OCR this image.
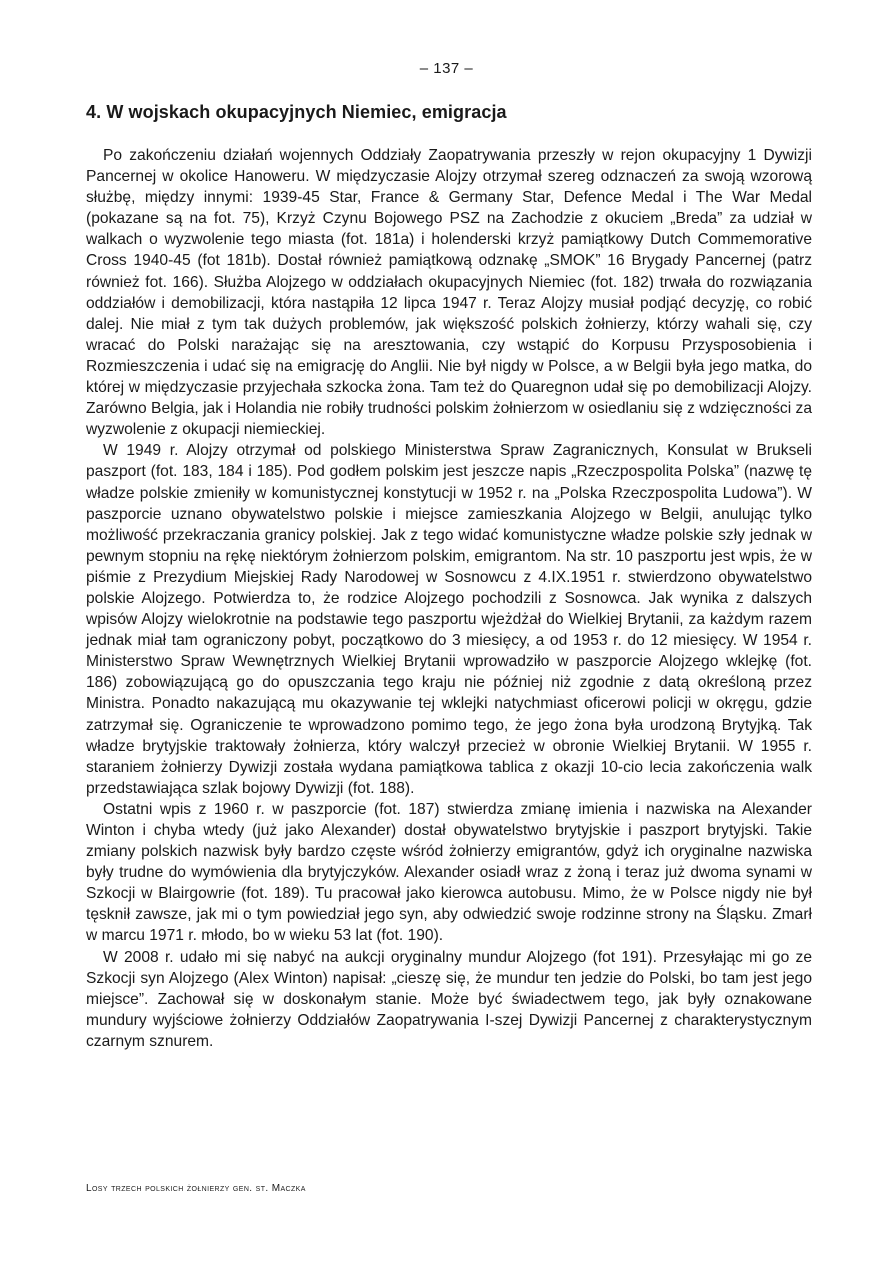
– 137 –
4. W wojskach okupacyjnych Niemiec, emigracja

Po zakończeniu działań wojennych Oddziały Zaopatrywania przeszły w rejon okupacyjny 1 Dywizji Pancernej w okolice Hanoweru. W międzyczasie Alojzy otrzymał szereg odznaczeń za swoją wzorową służbę, między innymi: 1939-45 Star, France & Germany Star, Defence Medal i The War Medal (pokazane są na fot. 75), Krzyż Czynu Bojowego PSZ na Zachodzie z okuciem „Breda” za udział w walkach o wyzwolenie tego miasta (fot. 181a) i holenderski krzyż pamiątkowy Dutch Commemorative Cross 1940-45 (fot 181b). Dostał również pamiątkową odznakę „SMOK” 16 Brygady Pancernej (patrz również fot. 166). Służba Alojzego w oddziałach okupacyjnych Niemiec (fot. 182) trwała do rozwiązania oddziałów i demobilizacji, która nastąpiła 12 lipca 1947 r. Teraz Alojzy musiał podjąć decyzję, co robić dalej. Nie miał z tym tak dużych problemów, jak większość polskich żołnierzy, którzy wahali się, czy wracać do Polski narażając się na aresztowania, czy wstąpić do Korpusu Przysposobienia i Rozmieszczenia i udać się na emigrację do Anglii. Nie był nigdy w Polsce, a w Belgii była jego matka, do której w międzyczasie przyjechała szkocka żona. Tam też do Quaregnon udał się po demobilizacji Alojzy. Zarówno Belgia, jak i Holandia nie robiły trudności polskim żołnierzom w osiedlaniu się z wdzięczności za wyzwolenie z okupacji niemieckiej.

W 1949 r. Alojzy otrzymał od polskiego Ministerstwa Spraw Zagranicznych, Konsulat w Brukseli paszport (fot. 183, 184 i 185). Pod godłem polskim jest jeszcze napis „Rzeczpospolita Polska” (nazwę tę władze polskie zmieniły w komunistycznej konstytucji w 1952 r. na „Polska Rzeczpospolita Ludowa”). W paszporcie uznano obywatelstwo polskie i miejsce zamieszkania Alojzego w Belgii, anulując tylko możliwość przekraczania granicy polskiej. Jak z tego widać komunistyczne władze polskie szły jednak w pewnym stopniu na rękę niektórym żołnierzom polskim, emigrantom. Na str. 10 paszportu jest wpis, że w piśmie z Prezydium Miejskiej Rady Narodowej w Sosnowcu z 4.IX.1951 r. stwierdzono obywatelstwo polskie Alojzego. Potwierdza to, że rodzice Alojzego pochodzili z Sosnowca. Jak wynika z dalszych wpisów Alojzy wielokrotnie na podstawie tego paszportu wjeżdżał do Wielkiej Brytanii, za każdym razem jednak miał tam ograniczony pobyt, początkowo do 3 miesięcy, a od 1953 r. do 12 miesięcy. W 1954 r. Ministerstwo Spraw Wewnętrznych Wielkiej Brytanii wprowadziło w paszporcie Alojzego wklejkę (fot. 186) zobowiązującą go do opuszczania tego kraju nie później niż zgodnie z datą określoną przez Ministra. Ponadto nakazującą mu okazywanie tej wklejki natychmiast oficerowi policji w okręgu, gdzie zatrzymał się. Ograniczenie te wprowadzono pomimo tego, że jego żona była urodzoną Brytyjką. Tak władze brytyjskie traktowały żołnierza, który walczył przecież w obronie Wielkiej Brytanii. W 1955 r. staraniem żołnierzy Dywizji została wydana pamiątkowa tablica z okazji 10-cio lecia zakończenia walk przedstawiająca szlak bojowy Dywizji (fot. 188).

Ostatni wpis z 1960 r. w paszporcie (fot. 187) stwierdza zmianę imienia i nazwiska na Alexander Winton i chyba wtedy (już jako Alexander) dostał obywatelstwo brytyjskie i paszport brytyjski. Takie zmiany polskich nazwisk były bardzo częste wśród żołnierzy emigrantów, gdyż ich oryginalne nazwiska były trudne do wymówienia dla brytyjczyków. Alexander osiadł wraz z żoną i teraz już dwoma synami w Szkocji w Blairgowrie (fot. 189). Tu pracował jako kierowca autobusu. Mimo, że w Polsce nigdy nie był tęsknił zawsze, jak mi o tym powiedział jego syn, aby odwiedzić swoje rodzinne strony na Śląsku. Zmarł w marcu 1971 r. młodo, bo w wieku 53 lat (fot. 190).

W 2008 r. udało mi się nabyć na aukcji oryginalny mundur Alojzego (fot 191). Przesyłając mi go ze Szkocji syn Alojzego (Alex Winton) napisał: „cieszę się, że mundur ten jedzie do Polski, bo tam jest jego miejsce”. Zachował się w doskonałym stanie. Może być świadectwem tego, jak były oznakowane mundury wyjściowe żołnierzy Oddziałów Zaopatrywania I-szej Dywizji Pancernej z charakterystycznym czarnym sznurem.

Losy trzech polskich żołnierzy gen. st. Maczka
